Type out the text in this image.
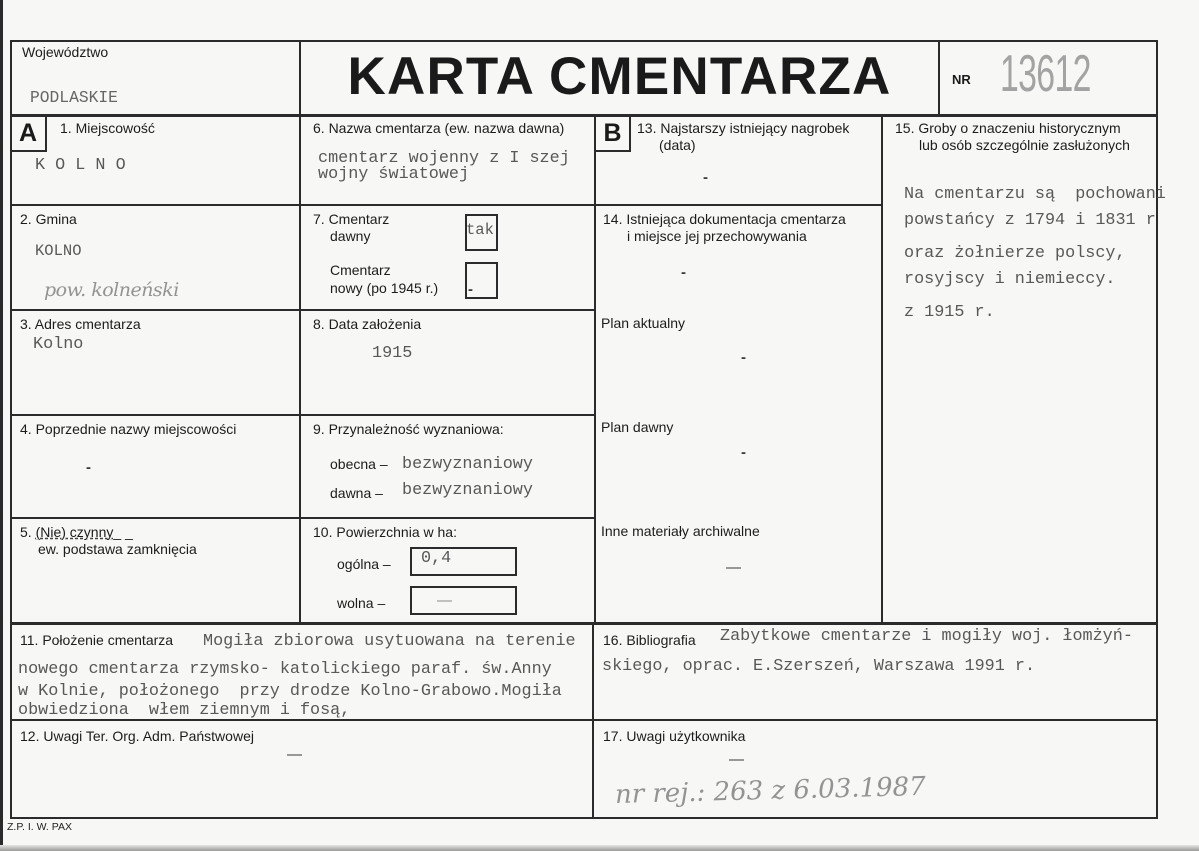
Województwo
PODLASKIE	KARTA CMENTARZA	NR 13612
A	B
1. Miejscowość
K O L N O
6. Nazwa cmentarza (ew. nazwa dawna)
cmentarz wojenny z I szej
wojny światowej
13. Najstarszy istniejący nagrobek
(data)
-
15. Groby o znaczeniu historycznym
lub osób szczególnie zasłużonych
Na cmentarzu są  pochowani
powstańcy z 1794 i 1831 r
oraz żołnierze polscy,
rosyjscy i niemieccy.
z 1915 r.
2. Gmina
KOLNO
pow. kolneński
7. Cmentarz
dawny	tak
Cmentarz
nowy (po 1945 r.) -
14. Istniejąca dokumentacja cmentarza
i miejsce jej przechowywania
-
Plan aktualny
-
Plan dawny
-
Inne materiały archiwalne
—
3. Adres cmentarza
Kolno
8. Data założenia
1915
4. Poprzednie nazwy miejscowości
-
9. Przynależność wyznaniowa:
obecna – bezwyznaniowy
dawna – bezwyznaniowy
5. (Nie) czynny_ _
ew. podstawa zamknięcia
10. Powierzchnia w ha:
ogólna – 0,4
wolna –	—
11. Położenie cmentarza Mogiła zbiorowa usytuowana na terenie
nowego cmentarza rzymsko- katolickiego paraf. św.Anny
w Kolnie, położonego  przy drodze Kolno-Grabowo.Mogiła
obwiedziona  włem ziemnym i fosą,
16. Bibliografia Zabytkowe cmentarze i mogiły woj. łomżyń-
skiego, oprac. E.Szerszeń, Warszawa 1991 r.
12. Uwagi Ter. Org. Adm. Państwowej
—
17. Uwagi użytkownika
—
nr rej.: 263 z 6.03.1987
Z.P. I. W. PAX
